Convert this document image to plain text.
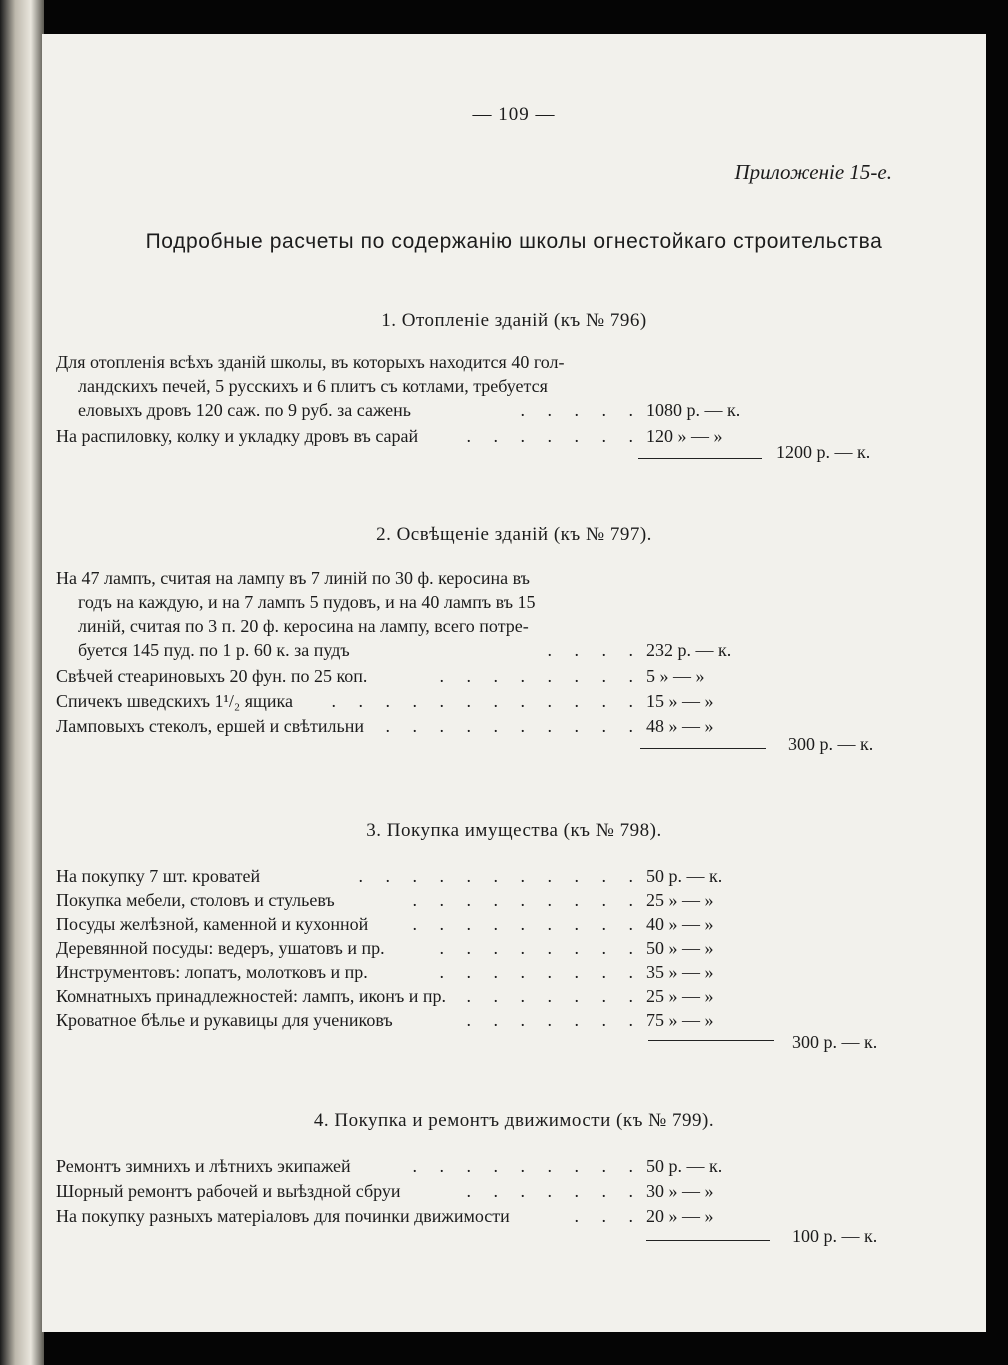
— 109 —
Приложеніе 15-е.
Подробные расчеты по содержанію школы огнестойкаго строительства
1. Отопленіе зданій (къ № 796)
Для отопленія всѣхъ зданій школы, въ которыхъ находится 40 гол-
ландскихъ печей, 5 русскихъ и 6 плитъ съ котлами, требуется
еловыхъ дровъ 120 саж. по 9 руб. за сажень	. . . . . 1080 р. — к.
. . . . . . .
На распиловку, колку и укладку дровъ въ сарай	120 » — »
1200 р. — к.
2. Освѣщеніе зданій (къ № 797).
На 47 лампъ, считая на лампу въ 7 линій по 30 ф. керосина въ
годъ на каждую, и на 7 лампъ 5 пудовъ, и на 40 лампъ въ 15
линій, считая по 3 п. 20 ф. керосина на лампу, всего потре-
буется 145 пуд. по 1 р. 60 к. за пудъ	. . . . 232 р. — к.
. . . . . . . .
Свѣчей стеариновыхъ 20 фун. по 25 коп.	5 » — »
. . . . . . . . . . . .
Спичекъ шведскихъ 1¹/₂ ящика	15 » — »
. . . . . . . . . .
Ламповыхъ стеколъ, ершей и свѣтильни	48 » — »
300 р. — к.
3. Покупка имущества (къ № 798).
. . . . . . . . . . .
На покупку 7 шт. кроватей	50 р. — к.
. . . . . . . . .
Покупка мебели, столовъ и стульевъ	25 » — »
. . . . . . . . .
Посуды желѣзной, каменной и кухонной	40 » — »
. . . . . . . .
Деревянной посуды: ведеръ, ушатовъ и пр.	50 » — »
. . . . . . . .
Инструментовъ: лопатъ, молотковъ и пр.	35 » — »
. . . . . . .
Комнатныхъ принадлежностей: лампъ, иконъ и пр.	25 » — »
. . . . . . .
Кроватное бѣлье и рукавицы для учениковъ	75 » — »
300 р. — к.
4. Покупка и ремонтъ движимости (къ № 799).
. . . . . . . . .
Ремонтъ зимнихъ и лѣтнихъ экипажей	50 р. — к.
. . . . . . .
Шорный ремонтъ рабочей и выѣздной сбруи	30 » — »
. . .
На покупку разныхъ матеріаловъ для починки движимости	20 » — »
100 р. — к.
